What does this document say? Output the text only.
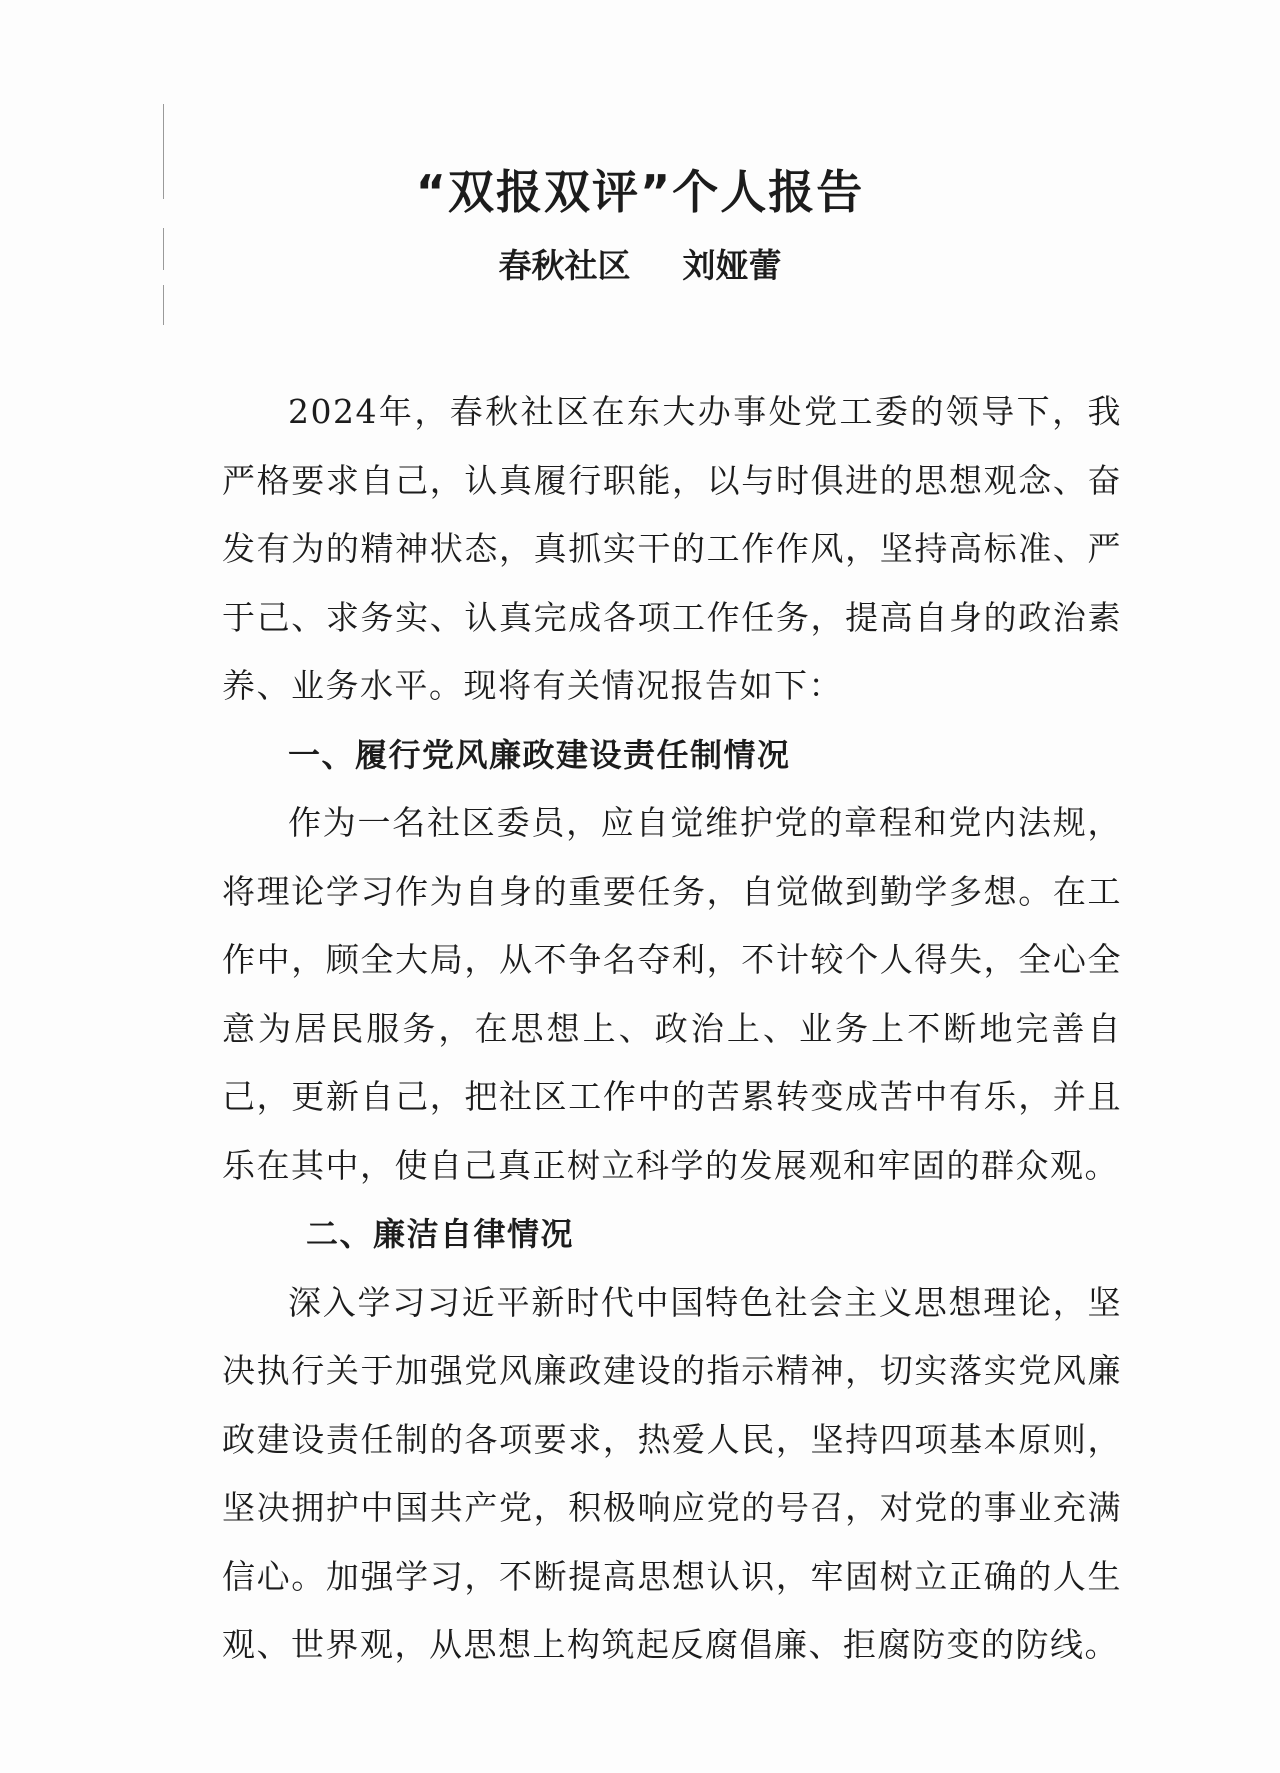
“双报双评”个人报告
春秋社区 刘娅蕾

2024年，春秋社区在东大办事处党工委的领导下，我严格要求自己，认真履行职能，以与时俱进的思想观念、奋发有为的精神状态，真抓实干的工作作风，坚持高标准、严于己、求务实、认真完成各项工作任务，提高自身的政治素养、业务水平。现将有关情况报告如下：

一、履行党风廉政建设责任制情况

作为一名社区委员，应自觉维护党的章程和党内法规，将理论学习作为自身的重要任务，自觉做到勤学多想。在工作中，顾全大局，从不争名夺利，不计较个人得失，全心全意为居民服务，在思想上、政治上、业务上不断地完善自己，更新自己，把社区工作中的苦累转变成苦中有乐，并且乐在其中，使自己真正树立科学的发展观和牢固的群众观。

二、廉洁自律情况

深入学习习近平新时代中国特色社会主义思想理论，坚决执行关于加强党风廉政建设的指示精神，切实落实党风廉政建设责任制的各项要求，热爱人民，坚持四项基本原则，坚决拥护中国共产党，积极响应党的号召，对党的事业充满信心。加强学习，不断提高思想认识，牢固树立正确的人生观、世界观，从思想上构筑起反腐倡廉、拒腐防变的防线。
